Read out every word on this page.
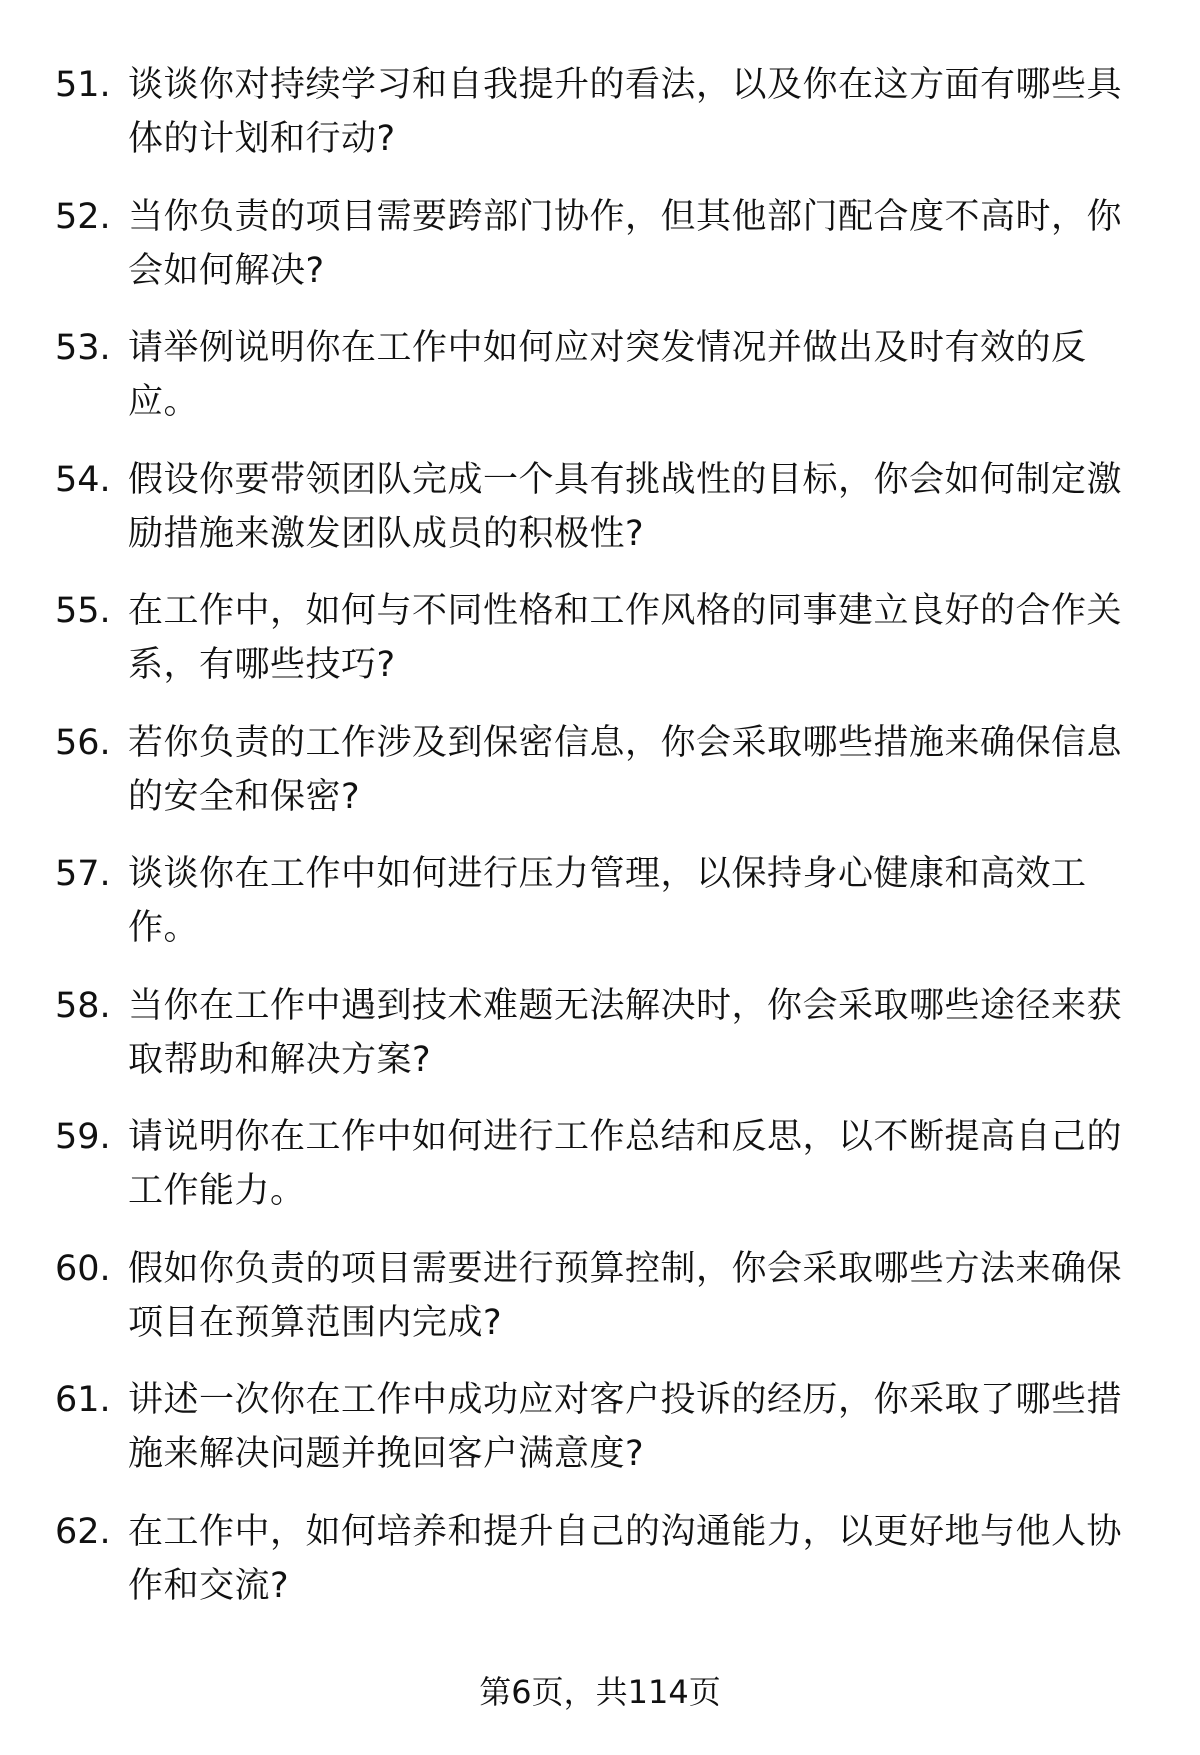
51. 谈谈你对持续学习和自我提升的看法，以及你在这方面有哪些具体的计划和行动?
52. 当你负责的项目需要跨部门协作，但其他部门配合度不高时，你会如何解决?
53. 请举例说明你在工作中如何应对突发情况并做出及时有效的反应。
54. 假设你要带领团队完成一个具有挑战性的目标，你会如何制定激励措施来激发团队成员的积极性?
55. 在工作中，如何与不同性格和工作风格的同事建立良好的合作关系，有哪些技巧?
56. 若你负责的工作涉及到保密信息，你会采取哪些措施来确保信息的安全和保密?
57. 谈谈你在工作中如何进行压力管理，以保持身心健康和高效工作。
58. 当你在工作中遇到技术难题无法解决时，你会采取哪些途径来获取帮助和解决方案?
59. 请说明你在工作中如何进行工作总结和反思，以不断提高自己的工作能力。
60. 假如你负责的项目需要进行预算控制，你会采取哪些方法来确保项目在预算范围内完成?
61. 讲述一次你在工作中成功应对客户投诉的经历，你采取了哪些措施来解决问题并挽回客户满意度?
62. 在工作中，如何培养和提升自己的沟通能力，以更好地与他人协作和交流?
第6页，共114页
